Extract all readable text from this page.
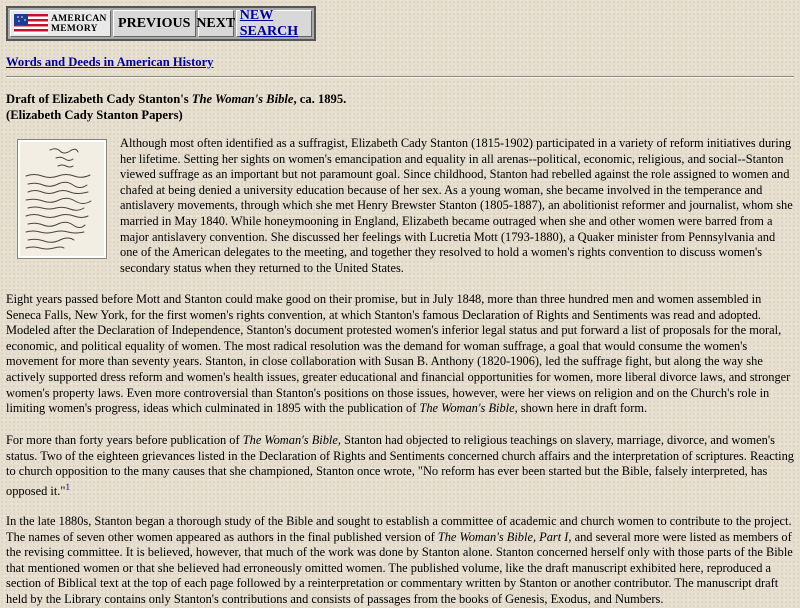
AMERICAN
MEMORY	PREVIOUS NEXT
NEW SEARCH
Words and Deeds in American History
Draft of Elizabeth Cady Stanton's The Woman's Bible, ca. 1895.
(Elizabeth Cady Stanton Papers)

Although most often identified as a suffragist, Elizabeth Cady Stanton (1815-1902) participated in a variety of reform initiatives during her lifetime. Setting her sights on women's emancipation and equality in all arenas--political, economic, religious, and social--Stanton viewed suffrage as an important but not paramount goal. Since childhood, Stanton had rebelled against the role assigned to women and chafed at being denied a university education because of her sex. As a young woman, she became involved in the temperance and antislavery movements, through which she met Henry Brewster Stanton (1805-1887), an abolitionist reformer and journalist, whom she married in May 1840. While honeymooning in England, Elizabeth became outraged when she and other women were barred from a major antislavery convention. She discussed her feelings with Lucretia Mott (1793-1880), a Quaker minister from Pennsylvania and one of the American delegates to the meeting, and together they resolved to hold a women's rights convention to discuss women's secondary status when they returned to the United States.

Eight years passed before Mott and Stanton could make good on their promise, but in July 1848, more than three hundred men and women assembled in Seneca Falls, New York, for the first women's rights convention, at which Stanton's famous Declaration of Rights and Sentiments was read and adopted. Modeled after the Declaration of Independence, Stanton's document protested women's inferior legal status and put forward a list of proposals for the moral, economic, and political equality of women. The most radical resolution was the demand for woman suffrage, a goal that would consume the women's movement for more than seventy years. Stanton, in close collaboration with Susan B. Anthony (1820-1906), led the suffrage fight, but along the way she actively supported dress reform and women's health issues, greater educational and financial opportunities for women, more liberal divorce laws, and stronger women's property laws. Even more controversial than Stanton's positions on those issues, however, were her views on religion and on the Church's role in limiting women's progress, ideas which culminated in 1895 with the publication of The Woman's Bible, shown here in draft form.

For more than forty years before publication of The Woman's Bible, Stanton had objected to religious teachings on slavery, marriage, divorce, and women's status. Two of the eighteen grievances listed in the Declaration of Rights and Sentiments concerned church affairs and the interpretation of scriptures. Reacting to church opposition to the many causes that she championed, Stanton once wrote, "No reform has ever been started but the Bible, falsely interpreted, has opposed it."$^1$

In the late 1880s, Stanton began a thorough study of the Bible and sought to establish a committee of academic and church women to contribute to the project. The names of seven other women appeared as authors in the final published version of The Woman's Bible, Part I, and several more were listed as members of the revising committee. It is believed, however, that much of the work was done by Stanton alone. Stanton concerned herself only with those parts of the Bible that mentioned women or that she believed had erroneously omitted women. The published volume, like the draft manuscript exhibited here, reproduced a section of Biblical text at the top of each page followed by a reinterpretation or commentary written by Stanton or another contributor. The manuscript draft held by the Library contains only Stanton's contributions and consists of passages from the books of Genesis, Exodus, and Numbers.
